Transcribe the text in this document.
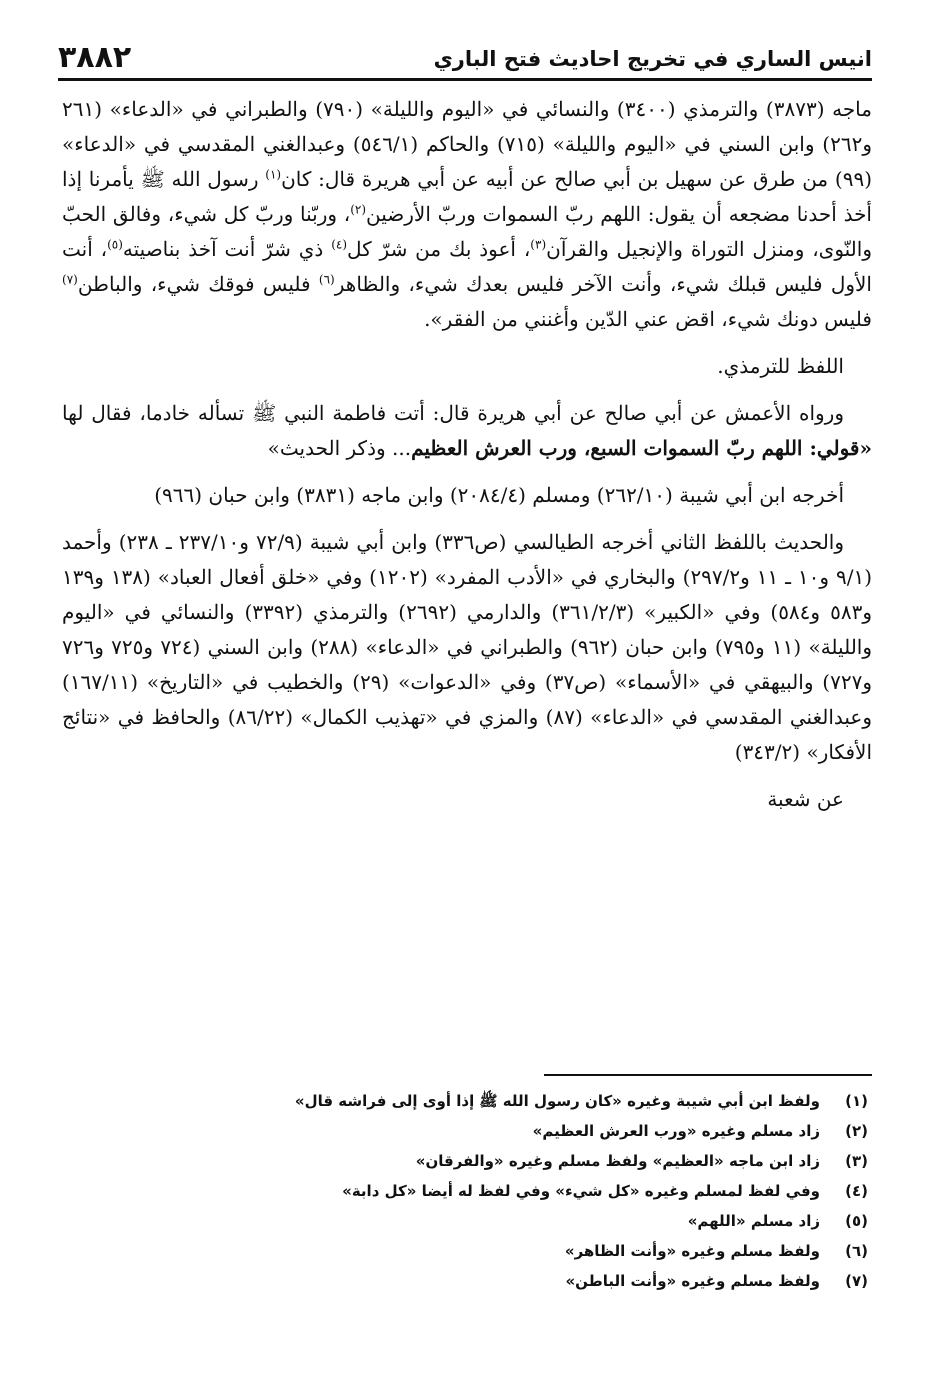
انيس الساري في تخريج احاديث فتح الباري
٣٨٨٢

ماجه (٣٨٧٣) والترمذي (٣٤٠٠) والنسائي في «اليوم والليلة» (٧٩٠) والطبراني في «الدعاء» (٢٦١ و٢٦٢) وابن السني في «اليوم والليلة» (٧١٥) والحاكم (٥٤٦/١) وعبدالغني المقدسي في «الدعاء» (٩٩) من طرق عن سهيل بن أبي صالح عن أبيه عن أبي هريرة قال: كان$^{(١)}$ رسول الله ﷺ يأمرنا إذا أخذ أحدنا مضجعه أن يقول: اللهم ربّ السموات وربّ الأرضين$^{(٢)}$، وربّنا وربّ كل شيء، وفالق الحبّ والنّوى، ومنزل التوراة والإنجيل والقرآن$^{(٣)}$، أعوذ بك من شرّ كل$^{(٤)}$ ذي شرّ أنت آخذ بناصيته$^{(٥)}$، أنت الأول فليس قبلك شيء، وأنت الآخر فليس بعدك شيء، والظاهر$^{(٦)}$ فليس فوقك شيء، والباطن$^{(٧)}$ فليس دونك شيء، اقض عني الدّين وأغنني من الفقر».

اللفظ للترمذي.

ورواه الأعمش عن أبي صالح عن أبي هريرة قال: أتت فاطمة النبي ﷺ تسأله خادما، فقال لها «قولي: اللهم ربّ السموات السبع، ورب العرش العظيم... وذكر الحديث»

أخرجه ابن أبي شيبة (٢٦٢/١٠) ومسلم (٢٠٨٤/٤) وابن ماجه (٣٨٣١) وابن حبان (٩٦٦)

والحديث باللفظ الثاني أخرجه الطيالسي (ص٣٣٦) وابن أبي شيبة (٧٢/٩ و٢٣٧/١٠ ـ ٢٣٨) وأحمد (٩/١ و١٠ ـ ١١ و٢٩٧/٢) والبخاري في «الأدب المفرد» (١٢٠٢) وفي «خلق أفعال العباد» (١٣٨ و١٣٩ و٥٨٣ و٥٨٤) وفي «الكبير» (٣٦١/٢/٣) والدارمي (٢٦٩٢) والترمذي (٣٣٩٢) والنسائي في «اليوم والليلة» (١١ و٧٩٥) وابن حبان (٩٦٢) والطبراني في «الدعاء» (٢٨٨) وابن السني (٧٢٤ و٧٢٥ و٧٢٦ و٧٢٧) والبيهقي في «الأسماء» (ص٣٧) وفي «الدعوات» (٢٩) والخطيب في «التاريخ» (١٦٧/١١) وعبدالغني المقدسي في «الدعاء» (٨٧) والمزي في «تهذيب الكمال» (٨٦/٢٢) والحافظ في «نتائج الأفكار» (٣٤٣/٢)

عن شعبة

(١)
ولفظ ابن أبي شيبة وغيره «كان رسول الله ﷺ إذا أوى إلى فراشه قال»
(٢)
زاد مسلم وغيره «ورب العرش العظيم»
(٣)
زاد ابن ماجه «العظيم» ولفظ مسلم وغيره «والفرقان»
(٤)
وفي لفظ لمسلم وغيره «كل شيء» وفي لفظ له أيضا «كل دابة»
(٥)
زاد مسلم «اللهم»
(٦)
ولفظ مسلم وغيره «وأنت الظاهر»
(٧)
ولفظ مسلم وغيره «وأنت الباطن»
